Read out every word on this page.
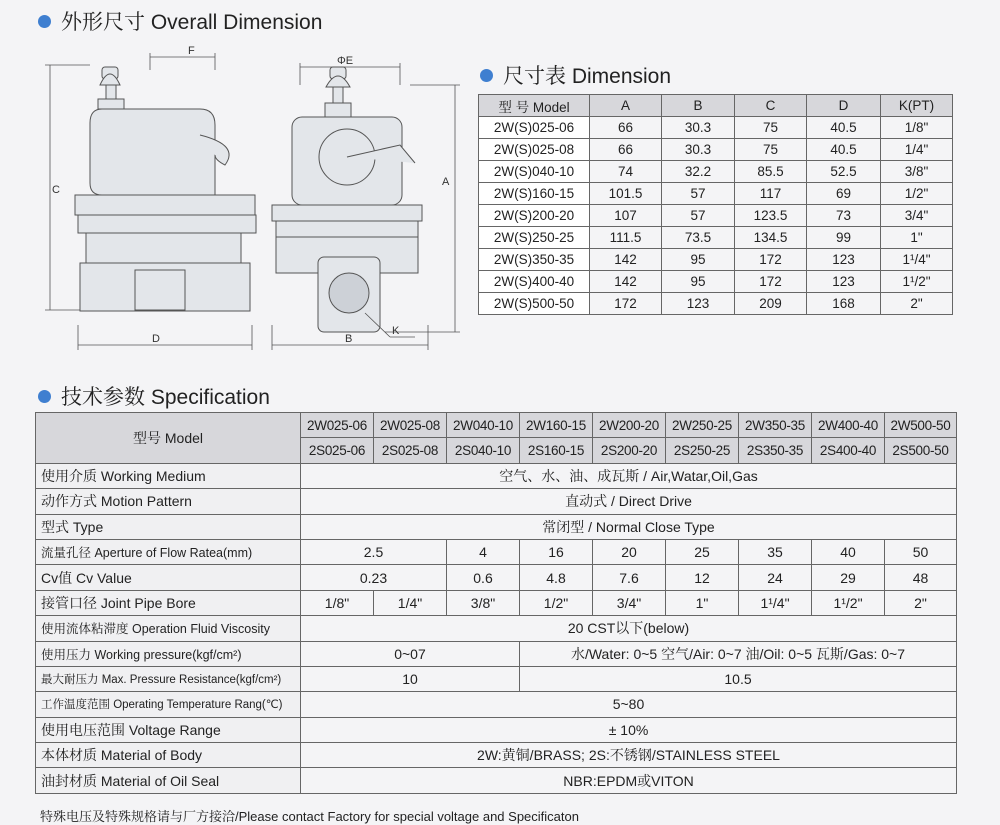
外形尺寸 Overall Dimension
F
C
D
ΦE
A
B
K
尺寸表 Dimension
型 号 Model	A	B	C	D	K(PT)
2W(S)025-06	66	30.3	75	40.5	1/8"
2W(S)025-08	66	30.3	75	40.5	1/4"
2W(S)040-10	74	32.2	85.5	52.5	3/8"
2W(S)160-15	101.5	57	117	69	1/2"
2W(S)200-20	107	57	123.5	73	3/4"
2W(S)250-25	111.5	73.5	134.5	99	1"
2W(S)350-35	142	95	172	123	1¹/4"
2W(S)400-40	142	95	172	123	1¹/2"
2W(S)500-50	172	123	209	168	2"
技术参数 Specification
型号 Model	2W025-06	2W025-08	2W040-10	2W160-15	2W200-20	2W250-25	2W350-35	2W400-40	2W500-50
	2S025-06	2S025-08	2S040-10	2S160-15	2S200-20	2S250-25	2S350-35	2S400-40	2S500-50
使用介质 Working Medium	空气、水、油、成瓦斯 / Air,Watar,Oil,Gas								
动作方式 Motion Pattern	直动式 / Direct Drive								
型式 Type	常闭型 / Normal Close Type								
流量孔径 Aperture of Flow Ratea(mm)	2.5		4	16	20	25	35	40	50
Cv值 Cv Value	0.23		0.6	4.8	7.6	12	24	29	48
接管口径 Joint Pipe Bore	1/8"	1/4"	3/8"	1/2"	3/4"	1"	1¹/4"	1¹/2"	2"
使用流体粘滞度 Operation Fluid Viscosity	20 CST以下(below)								
使用压力 Working pressure(kgf/cm²)	0~07			水/Water: 0~5 空气/Air: 0~7 油/Oil: 0~5 瓦斯/Gas: 0~7					
最大耐压力 Max. Pressure Resistance(kgf/cm²)	10			10.5					
工作温度范围 Operating Temperature Rang(℃)	5~80								
使用电压范围 Voltage Range	± 10%								
本体材质 Material of Body	2W:黄铜/BRASS; 2S:不锈钢/STAINLESS STEEL								
油封材质 Material of Oil Seal	NBR:EPDM或VITON								
特殊电压及特殊规格请与厂方接洽/Please contact Factory for special voltage and Specificaton
